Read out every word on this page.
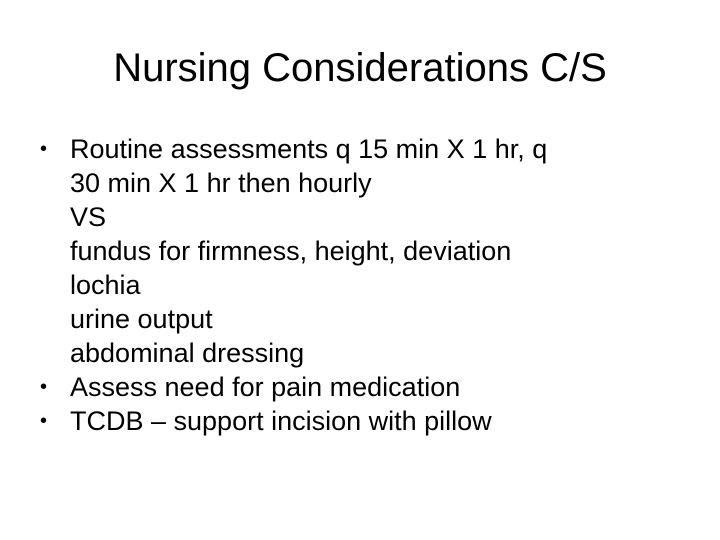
Nursing Considerations C/S
• Routine assessments q 15 min X 1 hr, q
30 min X 1 hr then hourly
VS
fundus for firmness, height, deviation
lochia
urine output
abdominal dressing
• Assess need for pain medication
• TCDB – support incision with pillow
